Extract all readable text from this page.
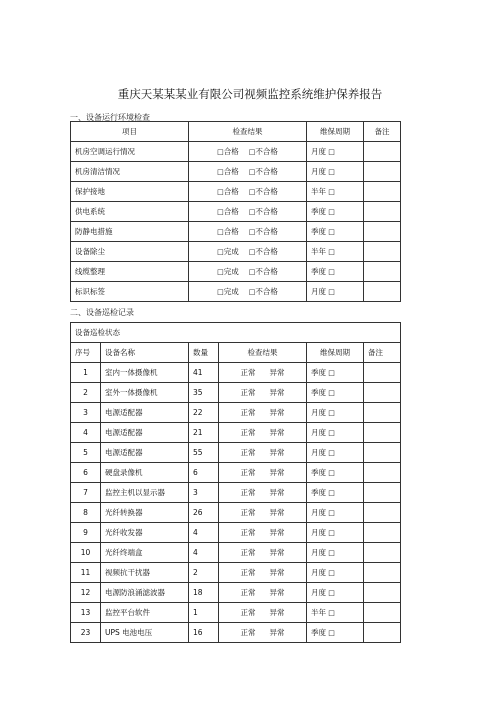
重庆天某某某业有限公司视频监控系统维护保养报告
一、设备运行环境检查
项目	检查结果	维保周期	备注
机房空调运行情况	□合格 □不合格	月度 □	
机房清洁情况	□合格 □不合格	月度 □	
保护接地	□合格 □不合格	半年 □	
供电系统	□合格 □不合格	季度 □	
防静电措施	□合格 □不合格	季度 □	
设备除尘	□完成 □不合格	半年 □	
线缆整理	□完成 □不合格	季度 □	
标识标签	□完成 □不合格	月度 □	
二、设备巡检记录
设备巡检状态					
序号	设备名称	数量	检查结果	维保周期	备注
1	室内一体摄像机	41	正常 异常	季度 □	
2	室外一体摄像机	35	正常 异常	季度 □	
3	电源适配器	22	正常 异常	月度 □	
4	电源适配器	21	正常 异常	月度 □	
5	电源适配器	55	正常 异常	月度 □	
6	硬盘录像机	6	正常 异常	季度 □	
7	监控主机以显示器	3	正常 异常	季度 □	
8	光纤转换器	26	正常 异常	月度 □	
9	光纤收发器	4	正常 异常	月度 □	
10	光纤终端盒	4	正常 异常	月度 □	
11	视频抗干扰器	2	正常 异常	月度 □	
12	电源防浪涌滤波器	18	正常 异常	月度 □	
13	监控平台软件	1	正常 异常	半年 □	
23	UPS 电池电压	16	正常 异常	季度 □	
